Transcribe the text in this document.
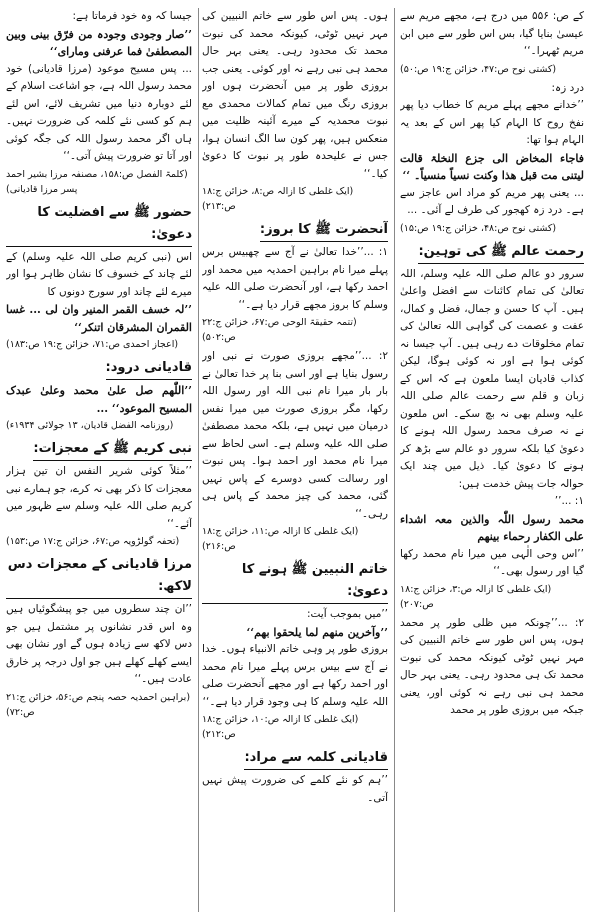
کے ص: ۵۵۶ میں درج ہے، مجھے مریم سے عیسیٰ بنایا گیا، بس اس طور سے میں ابن مریم ٹھہرا۔‘‘

(کشتی نوح ص:۴۷، خزائن ج:۱۹ ص:۵۰)

درد زہ:

’’خدانے مجھے پہلے مریم کا خطاب دیا پھر نفخ روح کا الہام کیا پھر اس کے بعد یہ الہام ہوا تھا:

فاجاء المخاض الی جزع النخلۃ قالت لیتنی مت قبل ھذا وکنت نسیاً منسیاً۔ ‘‘

... یعنی پھر مریم کو مراد اس عاجز سے ہے۔ درد زہ کھجور کی طرف لے آئی۔ ...

(کشتی نوح ص:۴۸، خزائن ج:۱۹ ص:۱۵)

رحمت عالم ﷺ کی توہین:

سرور دو عالم صلی اللہ علیہ وسلم، اللہ تعالیٰ کی تمام کائنات سے افضل واعلیٰ ہیں۔ آپ کا حسن و جمال، فضل و کمال، عفت و عصمت کی گواہی اللہ تعالیٰ کی تمام مخلوقات دے رہی ہیں۔ آپ جیسا نہ کوئی ہوا ہے اور نہ کوئی ہوگا، لیکن کذاب قادیان ایسا ملعون ہے کہ اس کے زبان و قلم سے رحمت عالم صلی اللہ علیہ وسلم بھی نہ بچ سکے۔ اس ملعون نے نہ صرف محمد رسول اللہ ہونے کا دعویٰ کیا بلکہ سرور دو عالم سے بڑھ کر ہونے کا دعویٰ کیا۔ ذیل میں چند ایک حوالہ جات پیش خدمت ہیں:

۱: ...’’

محمد رسول اللّٰہ والذین معہ اشداء علی الکفار رحماء بینھم

’’اس وحی الٰہی میں میرا نام محمد رکھا گیا اور رسول بھی۔‘‘

(ایک غلطی کا ازالہ ص:۳، خزائن ج:۱۸ ص:۲۰۷)

۲: ...’’چونکہ میں ظلی طور پر محمد ہوں، پس اس طور سے خاتم النبیین کی مہر نہیں ٹوٹی کیونکہ محمد کی نبوت محمد تک ہی محدود رہی۔ یعنی بہر حال محمد ہی نبی رہے نہ کوئی اور، یعنی جبکہ میں بروزی طور پر محمد

ہوں۔ پس اس طور سے خاتم النبیین کی مہر نہیں ٹوٹی، کیونکہ محمد کی نبوت محمد تک محدود رہی۔ یعنی بہر حال محمد ہی نبی رہے نہ اور کوئی۔ یعنی جب بروزی طور پر میں آنحضرت ہوں اور بروزی رنگ میں تمام کمالات محمدی مع نبوت محمدیہ کے میرے آئینہ ظلیت میں منعکس ہیں، پھر کون سا الگ انسان ہوا، جس نے علیحدہ طور پر نبوت کا دعویٰ کیا۔‘‘

(ایک غلطی کا ازالہ ص:۸، خزائن ج:۱۸ ص:۲۱۳)

آنحضرت ﷺ کا بروز:

۱: ...’’خدا تعالیٰ نے آج سے چھبیس برس پہلے میرا نام براہین احمدیہ میں محمد اور احمد رکھا ہے، اور آنحضرت صلی اللہ علیہ وسلم کا بروز مجھے قرار دیا ہے۔‘‘

(تتمہ حقیقۃ الوحی ص:۶۷، خزائن ج:۲۲ ص:۵۰۲)

۲: ...’’مجھے بروزی صورت نے نبی اور رسول بنایا ہے اور اسی بنا پر خدا تعالیٰ نے بار بار میرا نام نبی اللہ اور رسول اللہ رکھا، مگر بروزی صورت میں میرا نفس درمیان میں نہیں ہے، بلکہ محمد مصطفیٰ صلی اللہ علیہ وسلم ہے۔ اسی لحاظ سے میرا نام محمد اور احمد ہوا۔ پس نبوت اور رسالت کسی دوسرے کے پاس نہیں گئی، محمد کی چیز محمد کے پاس ہی رہی۔‘‘

(ایک غلطی کا ازالہ ص:۱۱، خزائن ج:۱۸ ص:۲۱۶)

خاتم النبیین ﷺ ہونے کا دعویٰ:

’’میں بموجب آیت:

’’وآخرین منھم لما یلحقوا بھم‘‘

بروزی طور پر وہی خاتم الانبیاء ہوں۔ خدا نے آج سے بیس برس پہلے میرا نام محمد اور احمد رکھا ہے اور مجھے آنحضرت صلی اللہ علیہ وسلم کا ہی وجود قرار دیا ہے۔‘‘

(ایک غلطی کا ازالہ ص:۱۰، خزائن ج:۱۸ ص:۲۱۲)

قادیانی کلمہ سے مراد:

’’ہم کو نئے کلمے کی ضرورت پیش نہیں آتی۔

جیسا کہ وہ خود فرماتا ہے:

’’صار وجودی وجودہ من فرّق بینی وبین المصطفیٰ فما عرفنی ومارای‘‘

... پس مسیح موعود (مرزا قادیانی) خود محمد رسول اللہ ہے، جو اشاعت اسلام کے لئے دوبارہ دنیا میں تشریف لائے، اس لئے ہم کو کسی نئے کلمہ کی ضرورت نہیں۔ ہاں اگر محمد رسول اللہ کی جگہ کوئی اور آتا تو ضرورت پیش آتی۔‘‘

(کلمۃ الفصل ص:۱۵۸، مصنفہ مرزا بشیر احمد پسر مرزا قادیانی)

حضور ﷺ سے افضلیت کا دعویٰ:

اس (نبی کریم صلی اللہ علیہ وسلم) کے لئے چاند کے خسوف کا نشان ظاہر ہوا اور میرے لئے چاند اور سورج دونوں کا

’’لہ خسف القمر المنیر وان لی ... غسا القمران المشرقان اتنکر‘‘

(اعجاز احمدی ص:۷۱، خزائن ج:۱۹ ص:۱۸۳)

قادیانی درود:

’’اللّٰھم صل علیٰ محمد وعلیٰ عبدک المسیح الموعود‘‘ ...

(روزنامہ الفضل قادیان، ۱۳ جولائی ۱۹۳۴ء)

نبی کریم ﷺ کے معجزات:

’’مثلاً کوئی شریر النفس ان تین ہزار معجزات کا ذکر بھی نہ کرے، جو ہمارے نبی کریم صلی اللہ علیہ وسلم سے ظہور میں آئے۔‘‘

(تحفہ گولڑویہ ص:۶۷، خزائن ج:۱۷ ص:۱۵۳)

مرزا قادیانی کے معجزات دس لاکھ:

’’ان چند سطروں میں جو پیشگوئیاں ہیں وہ اس قدر نشانوں پر مشتمل ہیں جو دس لاکھ سے زیادہ ہوں گے اور نشان بھی ایسے کھلے کھلے ہیں جو اول درجہ پر خارق عادت ہیں۔‘‘

(براہین احمدیہ حصہ پنجم ص:۵۶، خزائن ج:۲۱ ص:۷۲)
